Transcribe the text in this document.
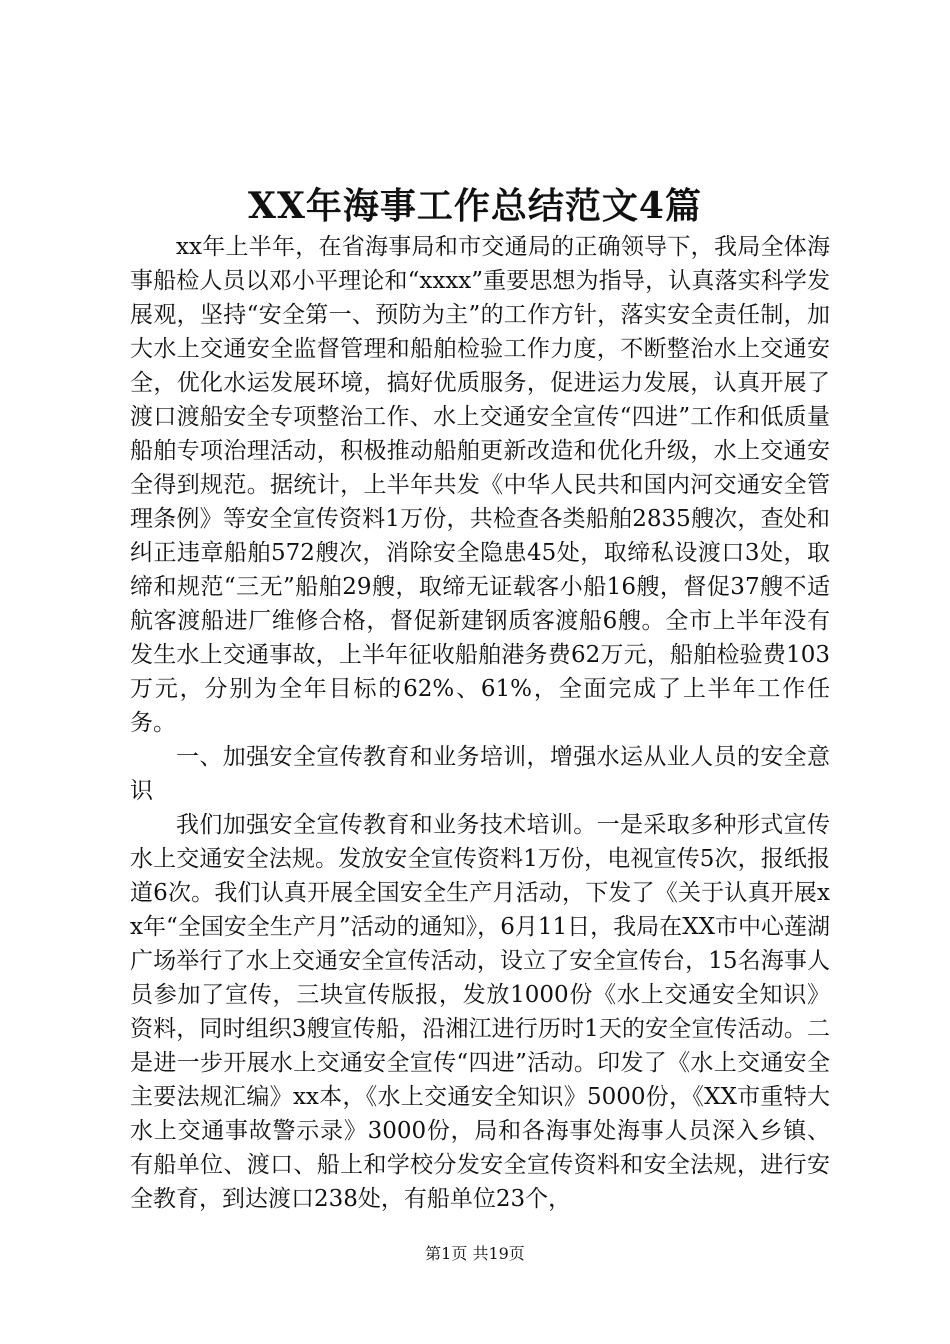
XX年海事工作总结范文4篇

xx年上半年，在省海事局和市交通局的正确领导下，我局全体海事船检人员以邓小平理论和“xxxx”重要思想为指导，认真落实科学发展观，坚持“安全第一、预防为主”的工作方针，落实安全责任制，加大水上交通安全监督管理和船舶检验工作力度，不断整治水上交通安全，优化水运发展环境，搞好优质服务，促进运力发展，认真开展了渡口渡船安全专项整治工作、水上交通安全宣传“四进”工作和低质量船舶专项治理活动，积极推动船舶更新改造和优化升级，水上交通安全得到规范。据统计，上半年共发《中华人民共和国内河交通安全管理条例》等安全宣传资料1万份，共检查各类船舶2835艘次，查处和纠正违章船舶572艘次，消除安全隐患45处，取缔私设渡口3处，取缔和规范“三无”船舶29艘，取缔无证载客小船16艘，督促37艘不适航客渡船进厂维修合格，督促新建钢质客渡船6艘。全市上半年没有发生水上交通事故，上半年征收船舶港务费62万元，船舶检验费103万元，分别为全年目标的62%、61%，全面完成了上半年工作任务。

一、加强安全宣传教育和业务培训，增强水运从业人员的安全意识

我们加强安全宣传教育和业务技术培训。一是采取多种形式宣传水上交通安全法规。发放安全宣传资料1万份，电视宣传5次，报纸报道6次。我们认真开展全国安全生产月活动，下发了《关于认真开展xx年“全国安全生产月”活动的通知》，6月11日，我局在XX市中心莲湖广场举行了水上交通安全宣传活动，设立了安全宣传台，15名海事人员参加了宣传，三块宣传版报，发放1000份《水上交通安全知识》资料，同时组织3艘宣传船，沿湘江进行历时1天的安全宣传活动。二是进一步开展水上交通安全宣传“四进”活动。印发了《水上交通安全主要法规汇编》xx本，《水上交通安全知识》5000份，《XX市重特大水上交通事故警示录》3000份，局和各海事处海事人员深入乡镇、有船单位、渡口、船上和学校分发安全宣传资料和安全法规，进行安全教育，到达渡口238处，有船单位23个，

第1页 共19页
